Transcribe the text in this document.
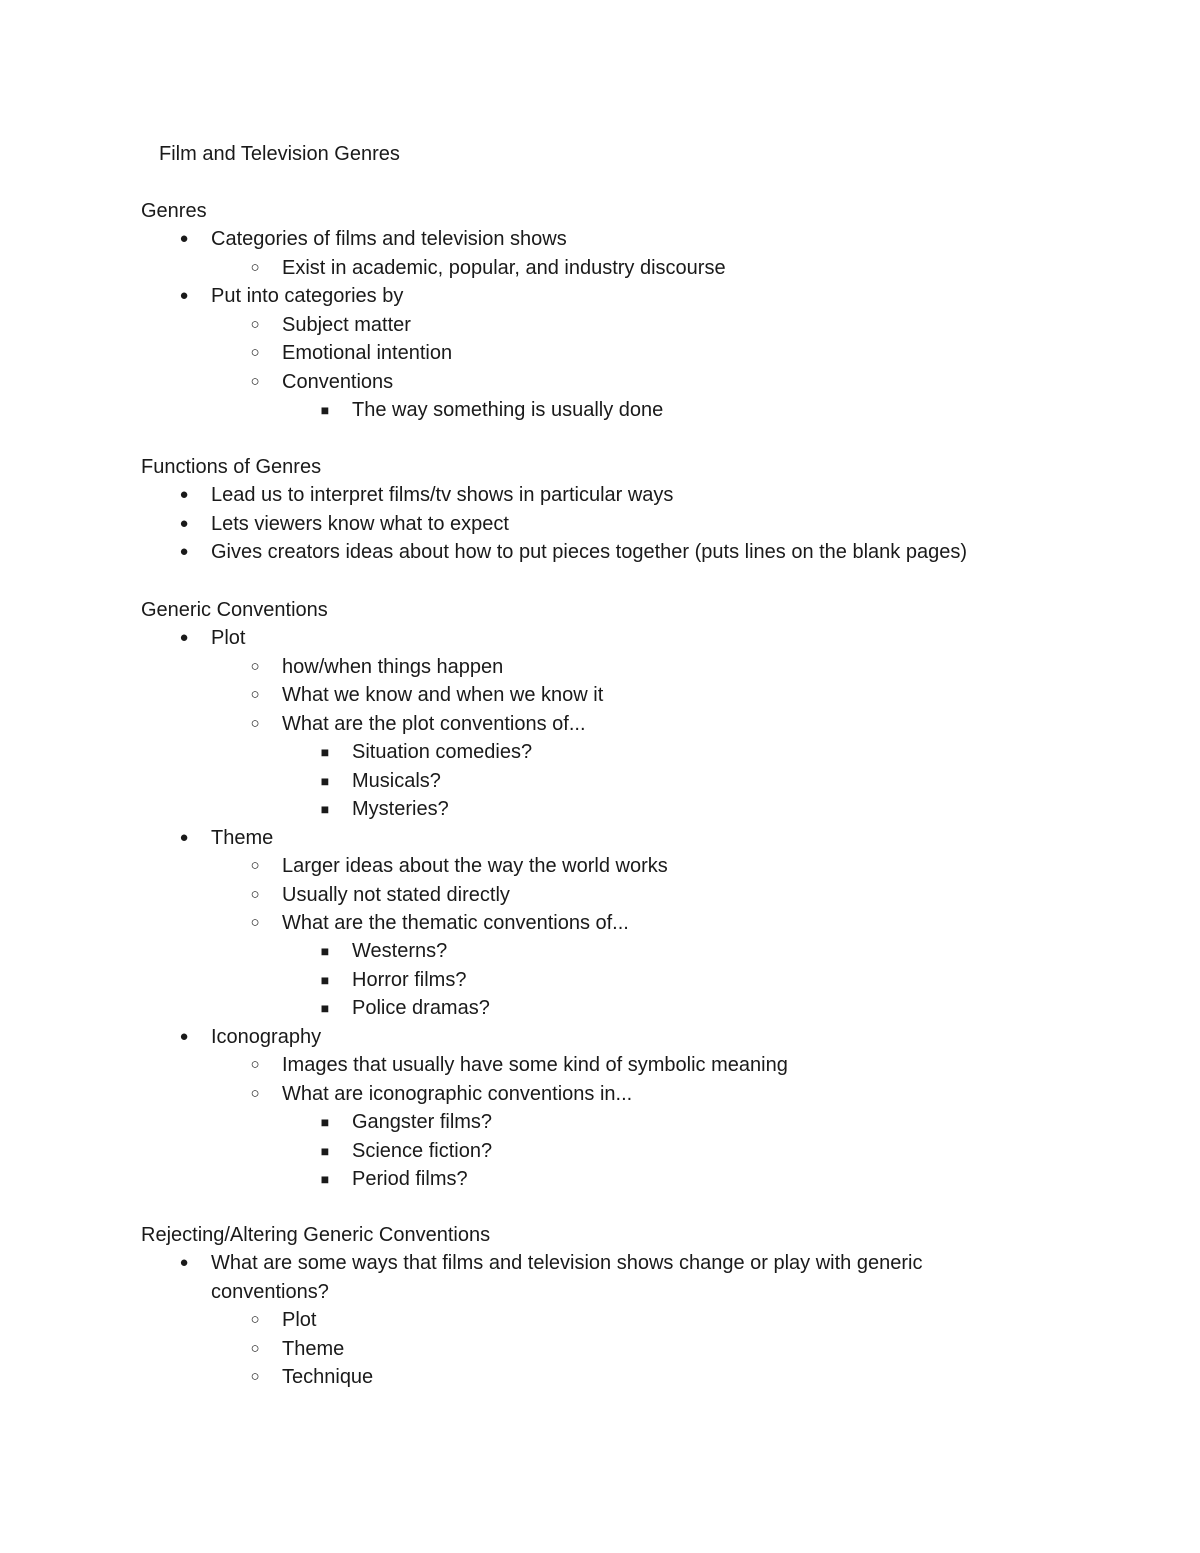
Film and Television Genres
Genres
● Categories of films and television shows
○ Exist in academic, popular, and industry discourse
● Put into categories by
○ Subject matter
○ Emotional intention
○ Conventions
■ The way something is usually done
Functions of Genres
● Lead us to interpret films/tv shows in particular ways
● Lets viewers know what to expect
● Gives creators ideas about how to put pieces together (puts lines on the blank pages)
Generic Conventions
● Plot
○ how/when things happen
○ What we know and when we know it
○ What are the plot conventions of...
■ Situation comedies?
■ Musicals?
■ Mysteries?
● Theme
○ Larger ideas about the way the world works
○ Usually not stated directly
○ What are the thematic conventions of...
■ Westerns?
■ Horror films?
■ Police dramas?
● Iconography
○ Images that usually have some kind of symbolic meaning
○ What are iconographic conventions in...
■ Gangster films?
■ Science fiction?
■ Period films?
Rejecting/Altering Generic Conventions
● What are some ways that films and television shows change or play with generic
conventions?
○ Plot
○ Theme
○ Technique
